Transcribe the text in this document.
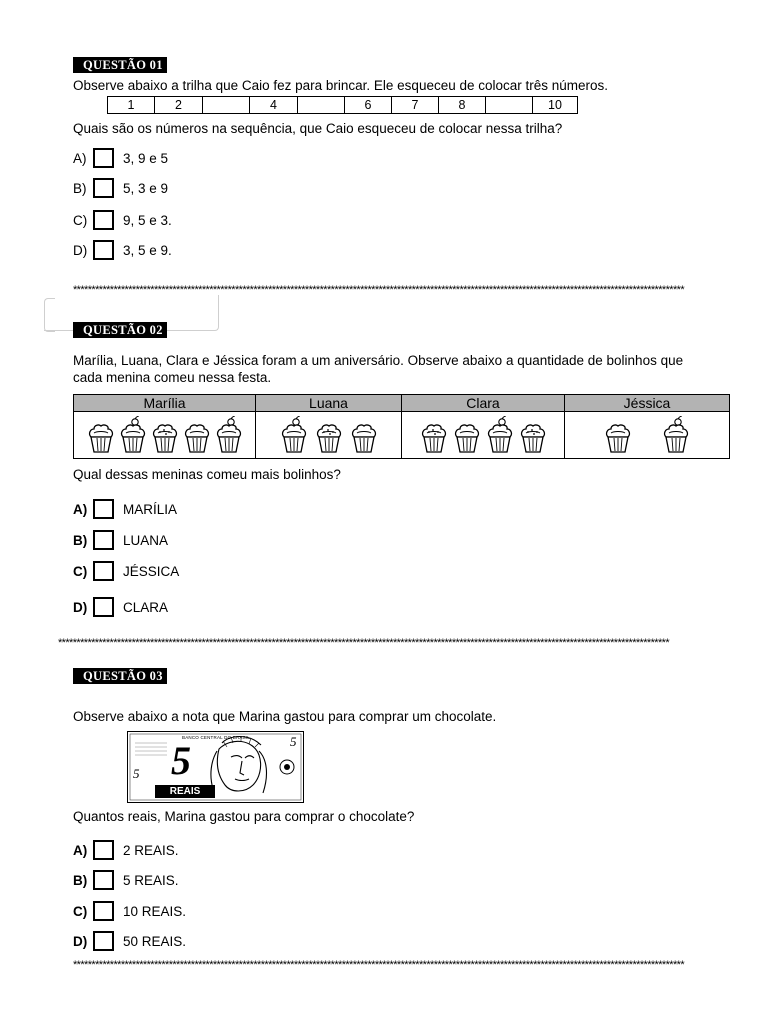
QUESTÃO 01
Observe abaixo a trilha que Caio fez para brincar. Ele esqueceu de colocar três números.
1	2		4		6	7	8		10
Quais são os números na sequência, que Caio esqueceu de colocar nessa trilha?
A)	3, 9 e 5
B)	5, 3 e 9
C)	9, 5 e 3.
D)	3, 5 e 9.
**********************************************************************************************************************************************************************
QUESTÃO 02
Marília, Luana, Clara e Jéssica foram a um aniversário. Observe abaixo a quantidade de bolinhos que
cada menina comeu nessa festa.
Marília	Luana	Clara	Jéssica

Qual dessas meninas comeu mais bolinhos?
A)	MARÍLIA
B)	LUANA
C)	JÉSSICA
D)	CLARA
**********************************************************************************************************************************************************************
QUESTÃO 03
Observe abaixo a nota que Marina gastou para comprar um chocolate.
BANCO CENTRAL DO BRASIL
5	5
5
REAIS
Quantos reais, Marina gastou para comprar o chocolate?
A)	2 REAIS.
B)	5 REAIS.
C)	10 REAIS.
D)	50 REAIS.
**********************************************************************************************************************************************************************
